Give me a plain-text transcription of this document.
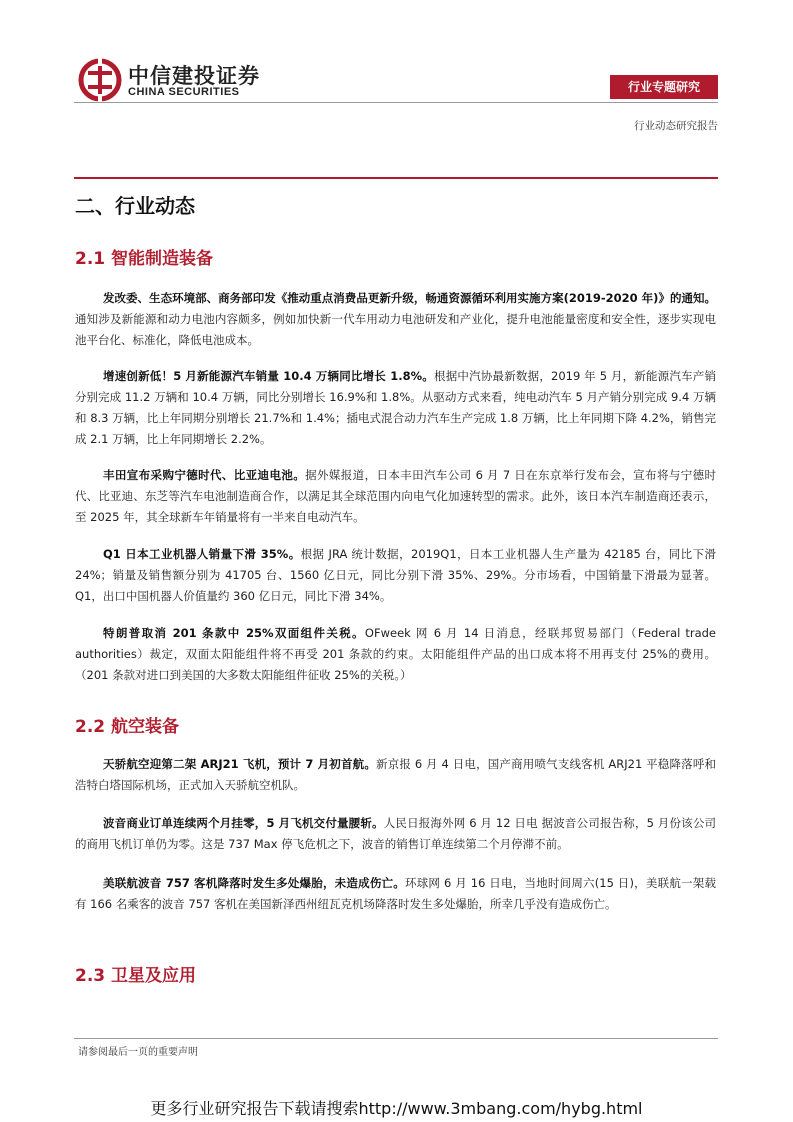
中信建投证券
CHINA SECURITIES	行业专题研究
行业动态研究报告
二、行业动态
2.1 智能制造装备
发改委、生态环境部、商务部印发《推动重点消费品更新升级，畅通资源循环利用实施方案(2019-2020 年)》的通知。通知涉及新能源和动力电池内容颇多，例如加快新一代车用动力电池研发和产业化，提升电池能量密度和安全性，逐步实现电池平台化、标准化，降低电池成本。
增速创新低！5 月新能源汽车销量 10.4 万辆同比增长 1.8%。根据中汽协最新数据，2019 年 5 月，新能源汽车产销分别完成 11.2 万辆和 10.4 万辆，同比分别增长 16.9%和 1.8%。从驱动方式来看，纯电动汽车 5 月产销分别完成 9.4 万辆和 8.3 万辆，比上年同期分别增长 21.7%和 1.4%；插电式混合动力汽车生产完成 1.8 万辆，比上年同期下降 4.2%，销售完成 2.1 万辆，比上年同期增长 2.2%。
丰田宣布采购宁德时代、比亚迪电池。据外媒报道，日本丰田汽车公司 6 月 7 日在东京举行发布会，宣布将与宁德时代、比亚迪、东芝等汽车电池制造商合作，以满足其全球范围内向电气化加速转型的需求。此外，该日本汽车制造商还表示，至 2025 年，其全球新车年销量将有一半来自电动汽车。
Q1 日本工业机器人销量下滑 35%。根据 JRA 统计数据，2019Q1，日本工业机器人生产量为 42185 台，同比下滑 24%；销量及销售额分别为 41705 台、1560 亿日元，同比分别下滑 35%、29%。分市场看，中国销量下滑最为显著。Q1，出口中国机器人价值量约 360 亿日元，同比下滑 34%。
特朗普取消 201 条款中 25%双面组件关税。OFweek 网 6 月 14 日消息，经联邦贸易部门（Federal trade authorities）裁定，双面太阳能组件将不再受 201 条款的约束。太阳能组件产品的出口成本将不用再支付 25%的费用。（201 条款对进口到美国的大多数太阳能组件征收 25%的关税。）
2.2 航空装备
天骄航空迎第二架 ARJ21 飞机，预计 7 月初首航。新京报 6 月 4 日电，国产商用喷气支线客机 ARJ21 平稳降落呼和浩特白塔国际机场，正式加入天骄航空机队。
波音商业订单连续两个月挂零，5 月飞机交付量腰斩。人民日报海外网 6 月 12 日电 据波音公司报告称，5 月份该公司的商用飞机订单仍为零。这是 737 Max 停飞危机之下，波音的销售订单连续第二个月停滞不前。
美联航波音 757 客机降落时发生多处爆胎，未造成伤亡。环球网 6 月 16 日电，当地时间周六(15 日)，美联航一架载有 166 名乘客的波音 757 客机在美国新泽西州纽瓦克机场降落时发生多处爆胎，所幸几乎没有造成伤亡。
2.3 卫星及应用
请参阅最后一页的重要声明
更多行业研究报告下载请搜索http://www.3mbang.com/hybg.html
